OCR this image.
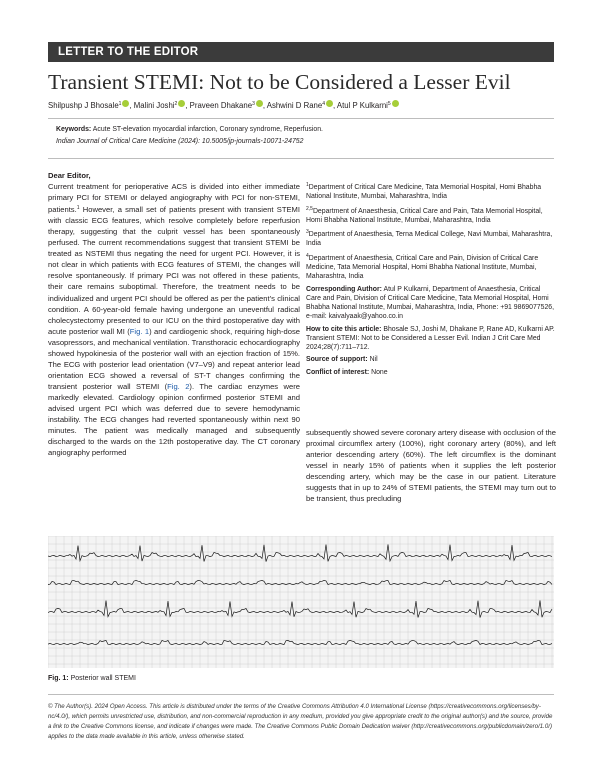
LETTER TO THE EDITOR
Transient STEMI: Not to be Considered a Lesser Evil
Shilpushp J Bhosale$^1$ , Malini Joshi$^2$ , Praveen Dhakane$^3$ , Ashwini D Rane$^4$ , Atul P Kulkarni$^5$
Keywords: Acute ST-elevation myocardial infarction, Coronary syndrome, Reperfusion.
Indian Journal of Critical Care Medicine (2024): 10.5005/jp-journals-10071-24752
Dear Editor,
Current treatment for perioperative ACS is divided into either immediate primary PCI for STEMI or delayed angiography with PCI for non-STEMI, patients.$^1$ However, a small set of patients present with transient STEMI with classic ECG features, which resolve completely before reperfusion therapy, suggesting that the culprit vessel has been spontaneously perfused. The current recommendations suggest that transient STEMI be treated as NSTEMI thus negating the need for urgent PCI. However, it is not clear in which patients with ECG features of STEMI, the changes will resolve spontaneously. If primary PCI was not offered in these patients, their care remains suboptimal. Therefore, the treatment needs to be individualized and urgent PCI should be offered as per the patient’s clinical condition. A 60-year-old female having undergone an uneventful radical cholecystectomy presented to our ICU on the third postoperative day with acute posterior wall MI (Fig. 1) and cardiogenic shock, requiring high-dose vasopressors, and mechanical ventilation. Transthoracic echocardiography showed hypokinesia of the posterior wall with an ejection fraction of 15%. The ECG with posterior lead orientation (V7–V9) and repeat anterior lead orientation ECG showed a reversal of ST-T changes confirming the transient posterior wall STEMI (Fig. 2). The cardiac enzymes were markedly elevated. Cardiology opinion confirmed posterior STEMI and advised urgent PCI which was deferred due to severe hemodynamic instability. The ECG changes had reverted spontaneously within next 90 minutes. The patient was medically managed and subsequently discharged to the wards on the 12th postoperative day. The CT coronary angiography performed

$^1$Department of Critical Care Medicine, Tata Memorial Hospital, Homi Bhabha National Institute, Mumbai, Maharashtra, India

$^{2,5}$Department of Anaesthesia, Critical Care and Pain, Tata Memorial Hospital, Homi Bhabha National Institute, Mumbai, Maharashtra, India

$^3$Department of Anaesthesia, Terna Medical College, Navi Mumbai, Maharashtra, India

$^4$Department of Anaesthesia, Critical Care and Pain, Division of Critical Care Medicine, Tata Memorial Hospital, Homi Bhabha National Institute, Mumbai, Maharashtra, India

Corresponding Author: Atul P Kulkarni, Department of Anaesthesia, Critical Care and Pain, Division of Critical Care Medicine, Tata Memorial Hospital, Homi Bhabha National Institute, Mumbai, Maharashtra, India, Phone: +91 9869077526, e-mail: kaivalyaak@yahoo.co.in

How to cite this article: Bhosale SJ, Joshi M, Dhakane P, Rane AD, Kulkarni AP. Transient STEMI: Not to be Considered a Lesser Evil. Indian J Crit Care Med 2024;28(7):711–712.

Source of support: Nil

Conflict of interest: None

subsequently showed severe coronary artery disease with occlusion of the proximal circumflex artery (100%), right coronary artery (80%), and left anterior descending artery (60%). The left circumflex is the dominant vessel in nearly 15% of patients when it supplies the left posterior descending artery, which may be the case in our patient. Literature suggests that in up to 24% of STEMI patients, the STEMI may turn out to be transient, thus precluding
Fig. 1: Posterior wall STEMI
© The Author(s). 2024 Open Access. This article is distributed under the terms of the Creative Commons Attribution 4.0 International License (https://creativecommons.org/licenses/by-nc/4.0/), which permits unrestricted use, distribution, and non-commercial reproduction in any medium, provided you give appropriate credit to the original author(s) and the source, provide a link to the Creative Commons license, and indicate if changes were made. The Creative Commons Public Domain Dedication waiver (http://creativecommons.org/publicdomain/zero/1.0/) applies to the data made available in this article, unless otherwise stated.
